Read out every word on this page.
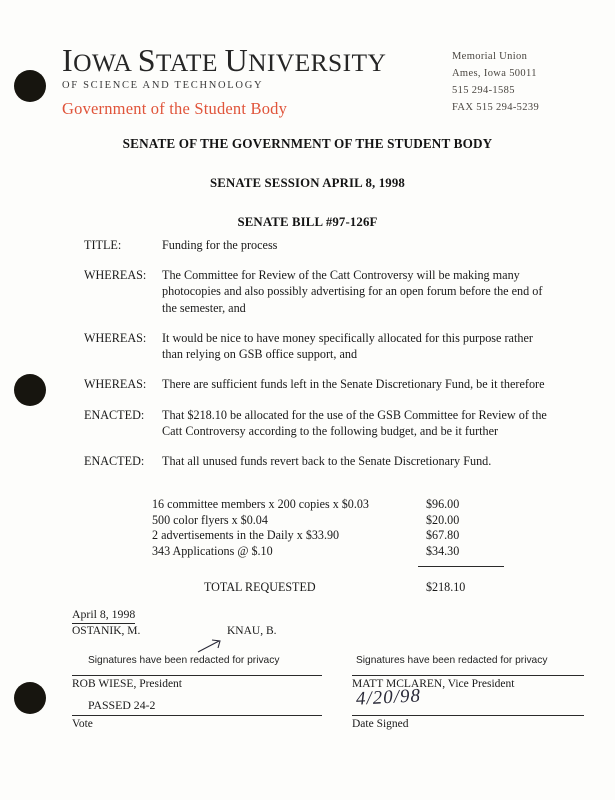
IOWA STATE UNIVERSITY
OF SCIENCE AND TECHNOLOGY
Government of the Student Body
Memorial Union
Ames, Iowa 50011
515 294-1585
FAX 515 294-5239
SENATE OF THE GOVERNMENT OF THE STUDENT BODY
SENATE SESSION APRIL 8, 1998
SENATE BILL #97-126F
TITLE:	Funding for the process
WHEREAS:	The Committee for Review of the Catt Controversy will be making many photocopies and also possibly advertising for an open forum before the end of the semester, and
WHEREAS:	It would be nice to have money specifically allocated for this purpose rather than relying on GSB office support, and
WHEREAS:	There are sufficient funds left in the Senate Discretionary Fund, be it therefore
ENACTED:	That $218.10 be allocated for the use of the GSB Committee for Review of the Catt Controversy according to the following budget, and be it further
ENACTED:	That all unused funds revert back to the Senate Discretionary Fund.
16 committee members x 200 copies x $0.03	$96.00
500 color flyers x $0.04	$20.00
2 advertisements in the Daily x $33.90	$67.80
343 Applications @ $.10	$34.30
TOTAL REQUESTED	$218.10
April 8, 1998
OSTANIK, M.	KNAU, B.
Signatures have been redacted for privacy	Signatures have been redacted for privacy
ROB WIESE, President	MATT MCLAREN, Vice President
PASSED 24-2	4/20/98
Vote	Date Signed
